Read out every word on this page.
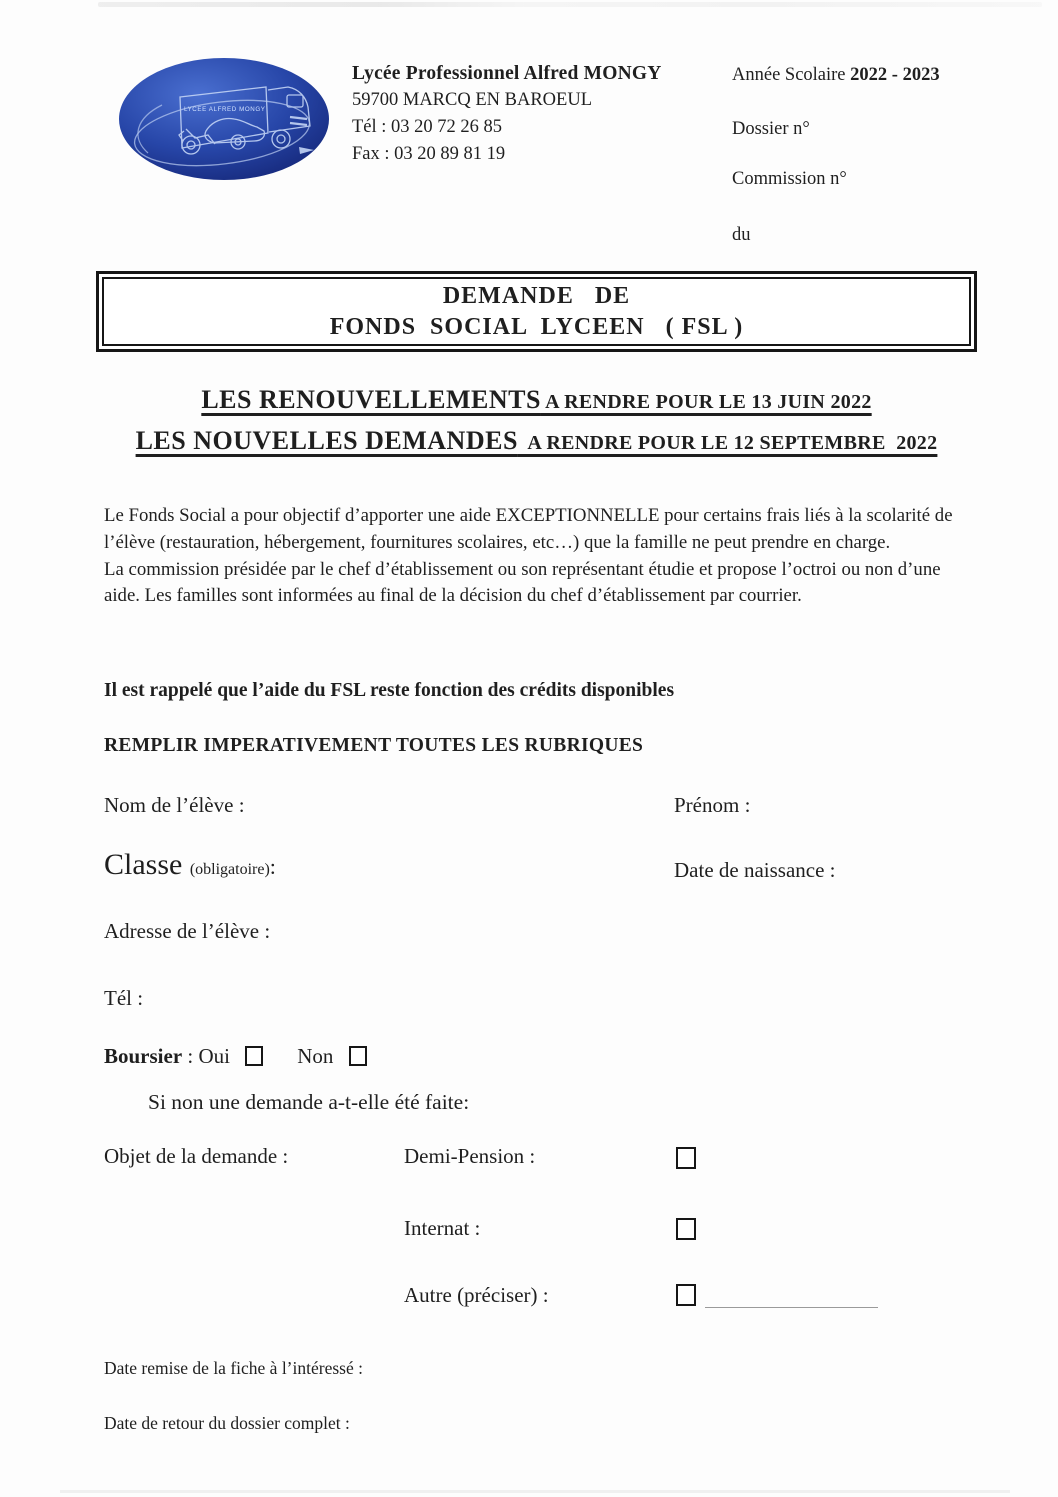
LYCEE ALFRED MONGY
Lycée Professionnel Alfred MONGY
59700 MARCQ EN BAROEUL
Tél : 03 20 72 26 85
Fax : 03 20 89 81 19
Année Scolaire 2022 - 2023
Dossier n°
Commission n°
du
DEMANDE   DE
FONDS  SOCIAL  LYCEEN   ( FSL )
LES RENOUVELLEMENTS A RENDRE POUR LE 13 JUIN 2022
LES NOUVELLES DEMANDES  A RENDRE POUR LE 12 SEPTEMBRE  2022

Le Fonds Social a pour objectif d’apporter une aide EXCEPTIONNELLE pour certains frais liés à la scolarité de l’élève (restauration, hébergement, fournitures scolaires, etc…) que la famille ne peut prendre en charge.

La commission présidée par le chef d’établissement ou son représentant étudie et propose l’octroi ou non d’une aide. Les familles sont informées au final de la décision du chef d’établissement par courrier.

Il est rappelé que l’aide du FSL reste fonction des crédits disponibles
REMPLIR IMPERATIVEMENT TOUTES LES RUBRIQUES
Nom de l’élève :	Prénom :
Classe (obligatoire):	Date de naissance :
Adresse de l’élève :
Tél :
Boursier : Oui	Non
Si non une demande a-t-elle été faite:
Objet de la demande :	Demi-Pension :
Internat :
Autre (préciser) :
Date remise de la fiche à l’intéressé :
Date de retour du dossier complet :
